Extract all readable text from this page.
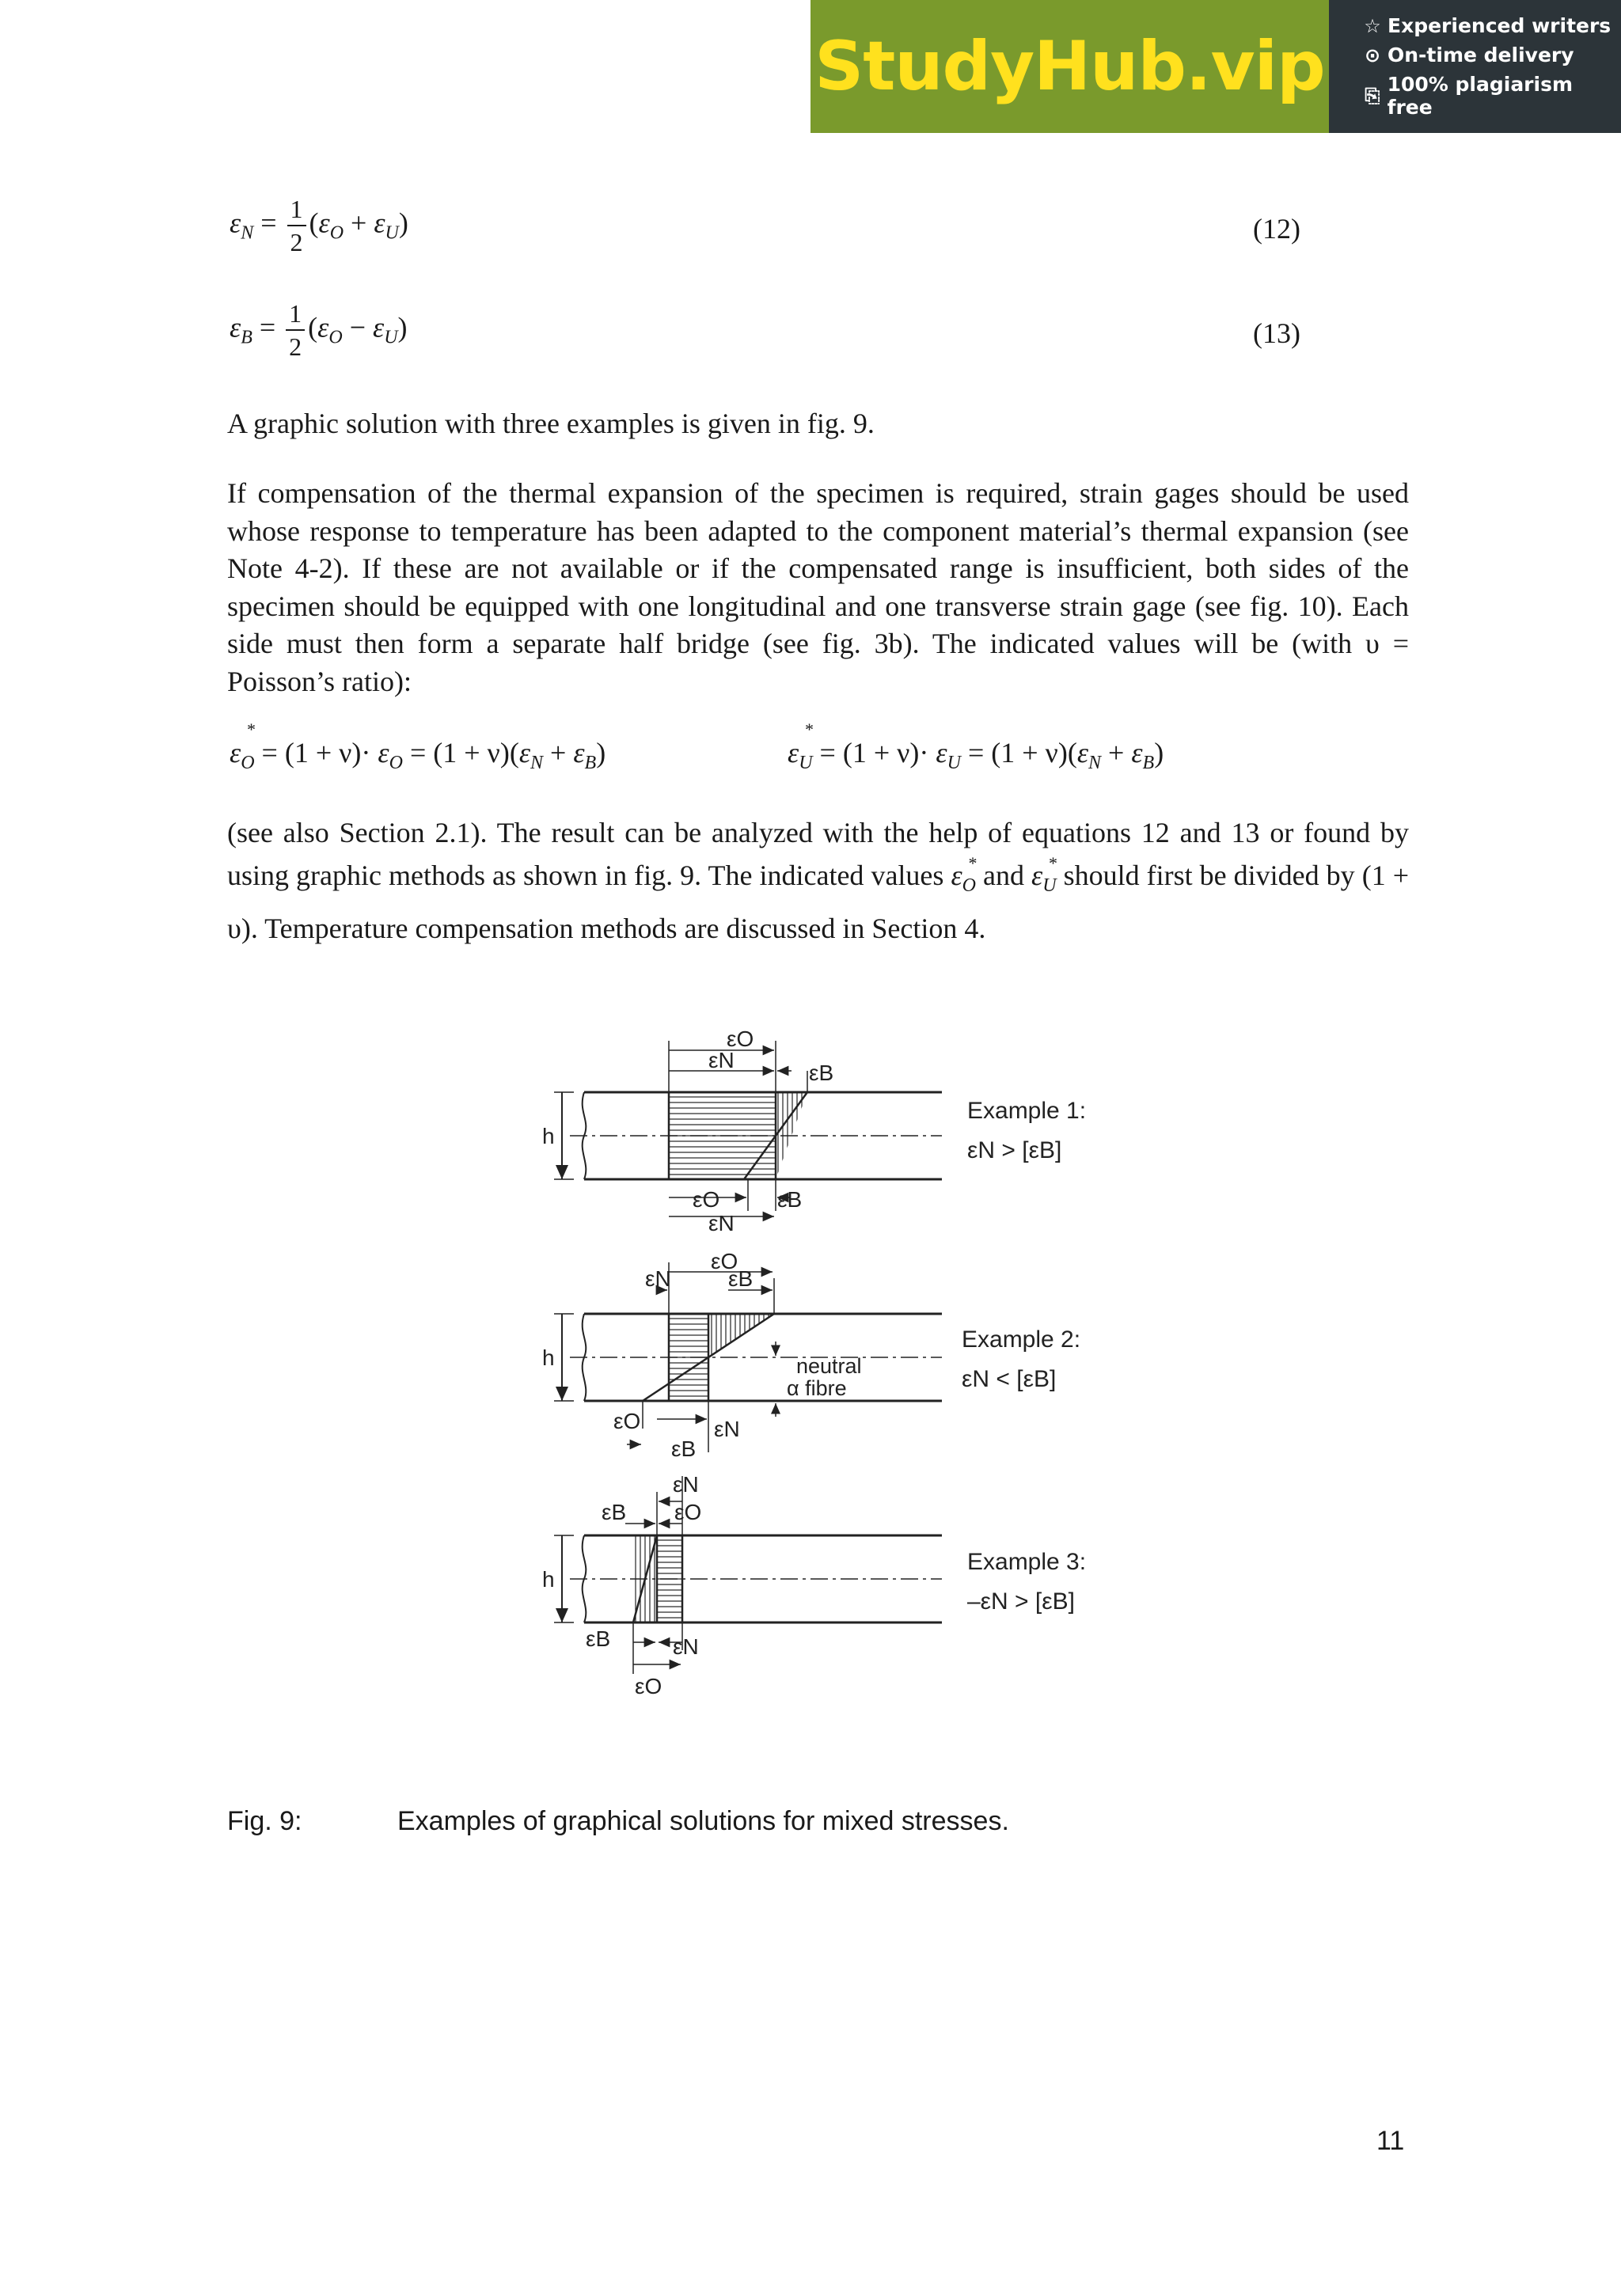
StudyHub.vip
☆ Experienced writers
⊙ On-time delivery
⎘ 100% plagiarism free
$\varepsilon_N = \frac{1}{2} (\varepsilon_O + \varepsilon_U)$	(12)
$\varepsilon_B = \frac{1}{2} (\varepsilon_O - \varepsilon_U)$	(13)
A graphic solution with three examples is given in fig. 9.
If compensation of the thermal expansion of the specimen is required, strain gages should be used whose response to temperature has been adapted to the component material’s thermal expansion (see Note 4-2). If these are not available or if the compensated range is insufficient, both sides of the specimen should be equipped with one longitudinal and one transverse strain gage (see fig. 10). Each side must then form a separate half bridge (see fig. 3b). The indicated values will be (with υ = Poisson’s ratio):
$\varepsilon_O$
*
= $(1 + \nu)\cdot \varepsilon_O = (1 + \nu)(\varepsilon_N + \varepsilon_B)$	$\varepsilon_U$
*
= $(1 + \nu)\cdot \varepsilon_U = (1 + \nu)(\varepsilon_N + \varepsilon_B)$
(see also Section 2.1). The result can be analyzed with the help of equations 12 and 13 or found by using graphic methods as shown in fig. 9. The indicated values $\varepsilon_O$
* and $\varepsilon_U$
* should first be divided by (1 + υ). Temperature compensation methods are discussed in Section 4.
h
h
h
εO
εN
εB
εO	εB
εN
εO
εN	εB
εO	εN
εB
εN
εB εO
εB	εN
εO
neutral
α fibre
Example 1:
εN > [εB]
Example 2:
εN < [εB]
Example 3:
–εN > [εB]
Fig. 9:	Examples of graphical solutions for mixed stresses.
11
